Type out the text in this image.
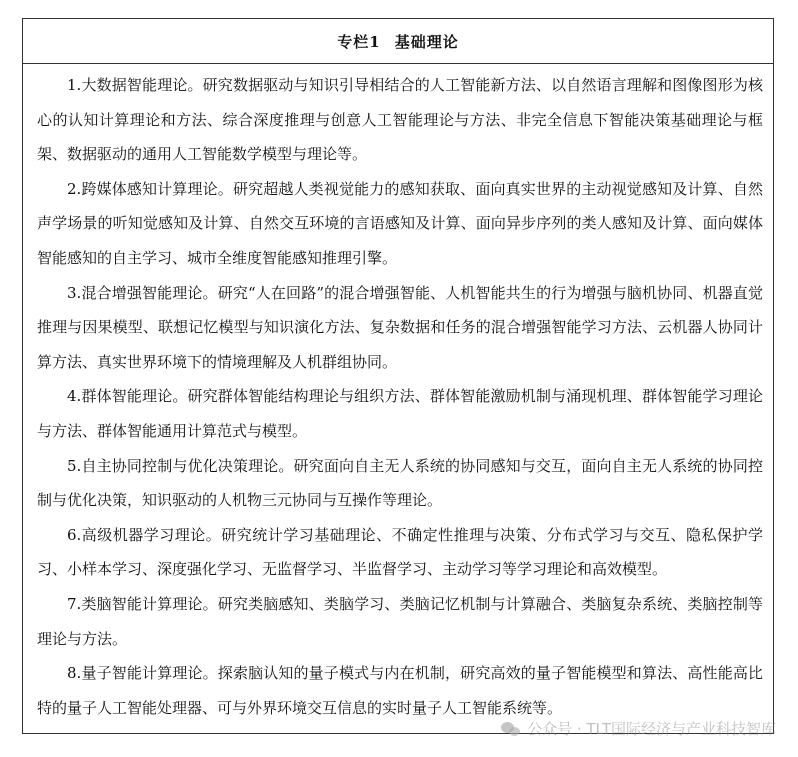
专栏1 基础理论

1.大数据智能理论。研究数据驱动与知识引导相结合的人工智能新方法、以自然语言理解和图像图形为核心的认知计算理论和方法、综合深度推理与创意人工智能理论与方法、非完全信息下智能决策基础理论与框架、数据驱动的通用人工智能数学模型与理论等。

2.跨媒体感知计算理论。研究超越人类视觉能力的感知获取、面向真实世界的主动视觉感知及计算、自然声学场景的听知觉感知及计算、自然交互环境的言语感知及计算、面向异步序列的类人感知及计算、面向媒体智能感知的自主学习、城市全维度智能感知推理引擎。

3.混合增强智能理论。研究“人在回路”的混合增强智能、人机智能共生的行为增强与脑机协同、机器直觉推理与因果模型、联想记忆模型与知识演化方法、复杂数据和任务的混合增强智能学习方法、云机器人协同计算方法、真实世界环境下的情境理解及人机群组协同。

4.群体智能理论。研究群体智能结构理论与组织方法、群体智能激励机制与涌现机理、群体智能学习理论与方法、群体智能通用计算范式与模型。

5.自主协同控制与优化决策理论。研究面向自主无人系统的协同感知与交互，面向自主无人系统的协同控制与优化决策，知识驱动的人机物三元协同与互操作等理论。

6.高级机器学习理论。研究统计学习基础理论、不确定性推理与决策、分布式学习与交互、隐私保护学习、小样本学习、深度强化学习、无监督学习、半监督学习、主动学习等学习理论和高效模型。

7.类脑智能计算理论。研究类脑感知、类脑学习、类脑记忆机制与计算融合、类脑复杂系统、类脑控制等理论与方法。

8.量子智能计算理论。探索脑认知的量子模式与内在机制，研究高效的量子智能模型和算法、高性能高比特的量子人工智能处理器、可与外界环境交互信息的实时量子人工智能系统等。

公众号 · TLT国际经济与产业科技智库
